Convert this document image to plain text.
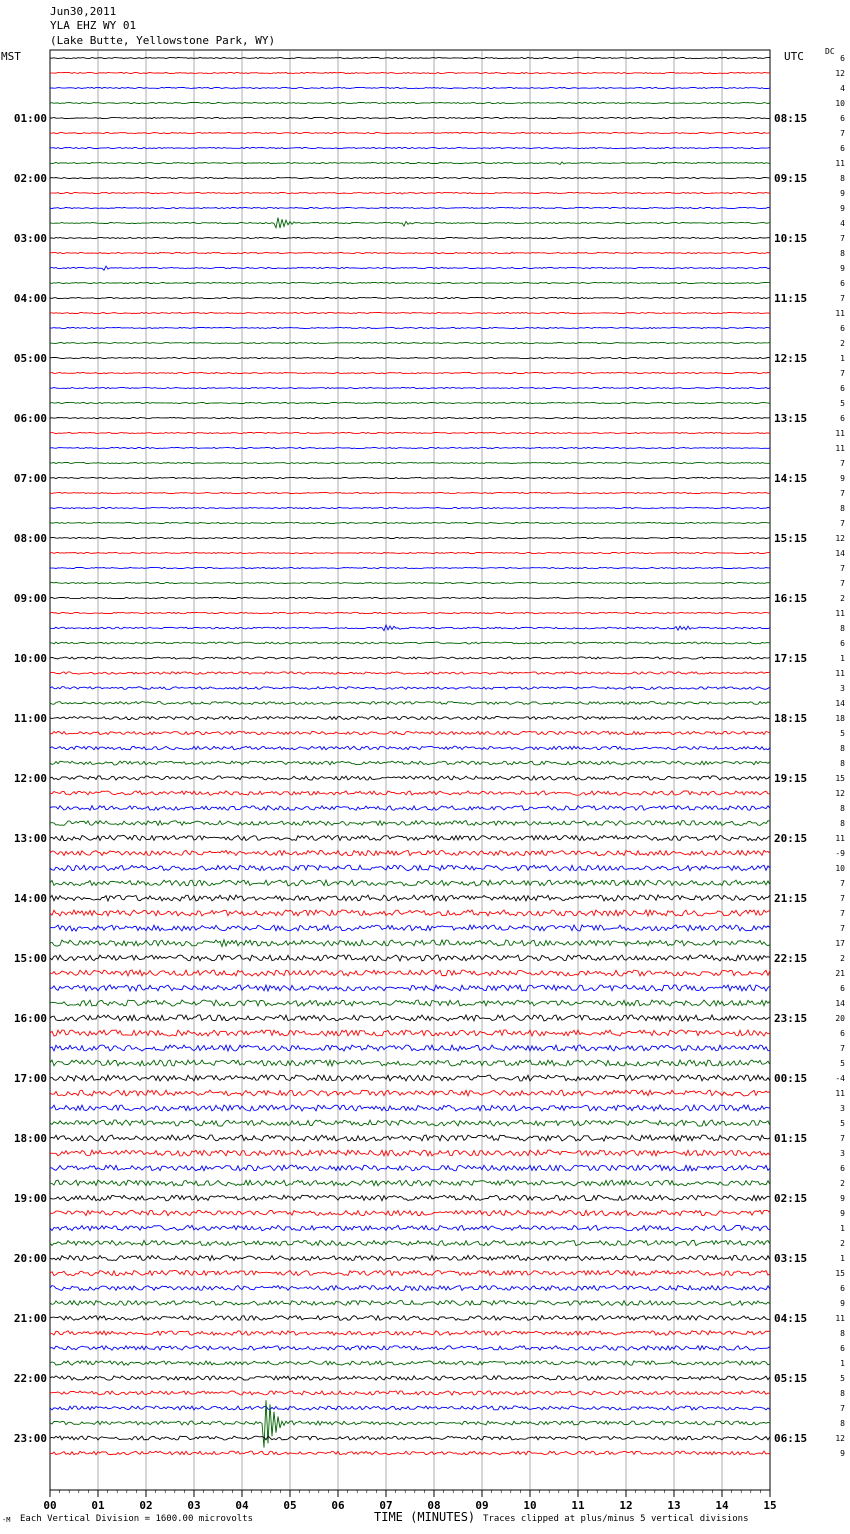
Jun30,2011
YLA EHZ WY 01
(Lake Butte, Yellowstone Park, WY)
MST	UTC	DC
00	01	02	03	04	05	06	07	08	09	10	11	12	13	14	15
6
12
4
10
6
7
6
11
8
9
9
4
7
8
9
6
7
11
6
2
1
7
6
5
6
11
11
7
9
7
8
7
12
14
7
7
2
11
8
6
1
11
3
14
18
5
8
8
15
12
8
8
11
-9
10
7
7
7
7
17
2
21
6
14
20
6
7
5
-4
11
3
5
7
3
6
2
9
9
1
2
1
15
6
9
11
8
6
1
5
8
7
8
12
9
01:00
02:00
03:00
04:00
05:00
06:00
07:00
08:00
09:00
10:00
11:00
12:00
13:00
14:00
15:00
16:00
17:00
18:00
19:00
20:00
21:00
22:00
23:00
08:15
09:15
10:15
11:15
12:15
13:15
14:15
15:15
16:15
17:15
18:15
19:15
20:15
21:15
22:15
23:15
00:15
01:15
02:15
03:15
04:15
05:15
06:15
-M Each Vertical Division = 1600.00 microvolts	TIME (MINUTES) Traces clipped at plus/minus 5 vertical divisions
